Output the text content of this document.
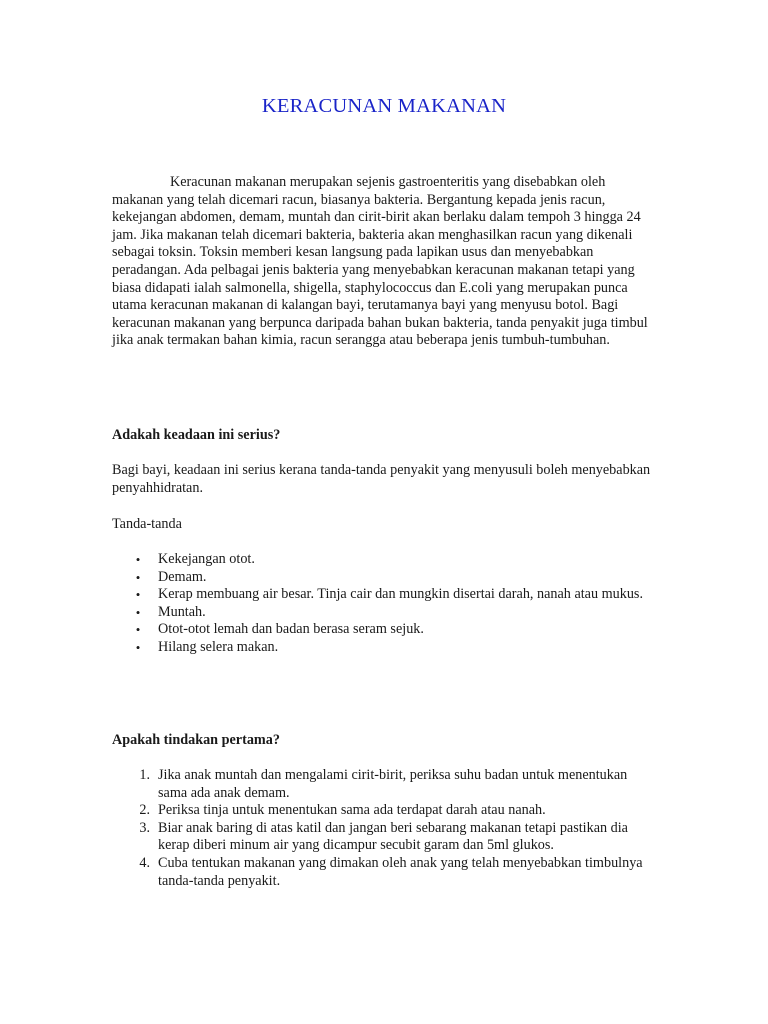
KERACUNAN MAKANAN

Keracunan makanan merupakan sejenis gastroenteritis yang disebabkan oleh makanan yang telah dicemari racun, biasanya bakteria. Bergantung kepada jenis racun, kekejangan abdomen, demam, muntah dan cirit-birit akan berlaku dalam tempoh 3 hingga 24 jam. Jika makanan telah dicemari bakteria, bakteria akan menghasilkan racun yang dikenali sebagai toksin. Toksin memberi kesan langsung pada lapikan usus dan menyebabkan peradangan. Ada pelbagai jenis bakteria yang menyebabkan keracunan makanan tetapi yang biasa didapati ialah salmonella, shigella, staphylococcus dan E.coli yang merupakan punca utama keracunan makanan di kalangan bayi, terutamanya bayi yang menyusu botol. Bagi keracunan makanan yang berpunca daripada bahan bukan bakteria, tanda penyakit juga timbul jika anak termakan bahan kimia, racun serangga atau beberapa jenis tumbuh-tumbuhan.

Adakah keadaan ini serius?

Bagi bayi, keadaan ini serius kerana tanda-tanda penyakit yang menyusuli boleh menyebabkan penyahhidratan.

Tanda-tanda

• Kekejangan otot.
• Demam.
• Kerap membuang air besar. Tinja cair dan mungkin disertai darah, nanah atau mukus.
• Muntah.
• Otot-otot lemah dan badan berasa seram sejuk.
• Hilang selera makan.

Apakah tindakan pertama?

1. Jika anak muntah dan mengalami cirit-birit, periksa suhu badan untuk menentukan sama ada anak demam.
2. Periksa tinja untuk menentukan sama ada terdapat darah atau nanah.
3. Biar anak baring di atas katil dan jangan beri sebarang makanan tetapi pastikan dia kerap diberi minum air yang dicampur secubit garam dan 5ml glukos.
4. Cuba tentukan makanan yang dimakan oleh anak yang telah menyebabkan timbulnya tanda-tanda penyakit.
